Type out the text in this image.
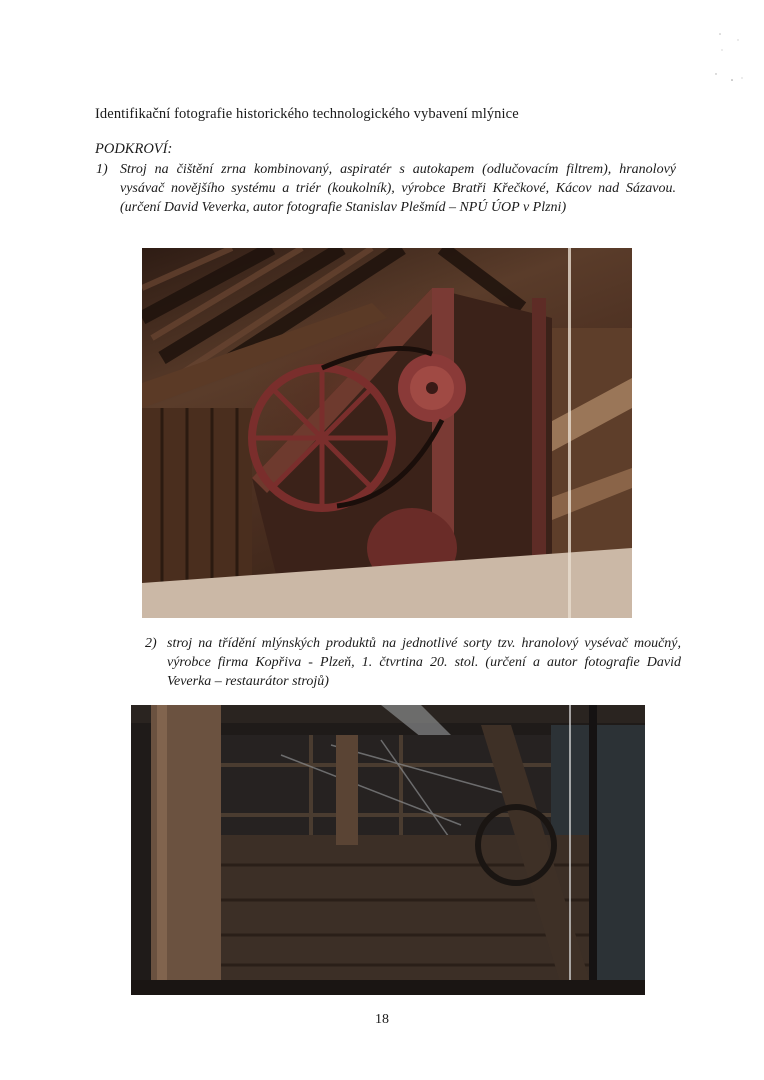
Identifikační fotografie historického technologického vybavení mlýnice
PODKROVÍ:
1) Stroj na čištění zrna kombinovaný, aspiratér s autokapem (odlučovacím filtrem), hranolový vysávač novějšího systému a triér (koukolník), výrobce Bratři Křečkové, Kácov nad Sázavou.(určení David Veverka, autor fotografie Stanislav Plešmíd – NPÚ ÚOP v Plzni)
2) stroj na třídění mlýnských produktů na jednotlivé sorty tzv. hranolový vysévač moučný, výrobce firma Kopřiva - Plzeň, 1. čtvrtina 20. stol. (určení a autor fotografie David Veverka – restaurátor strojů)
18
